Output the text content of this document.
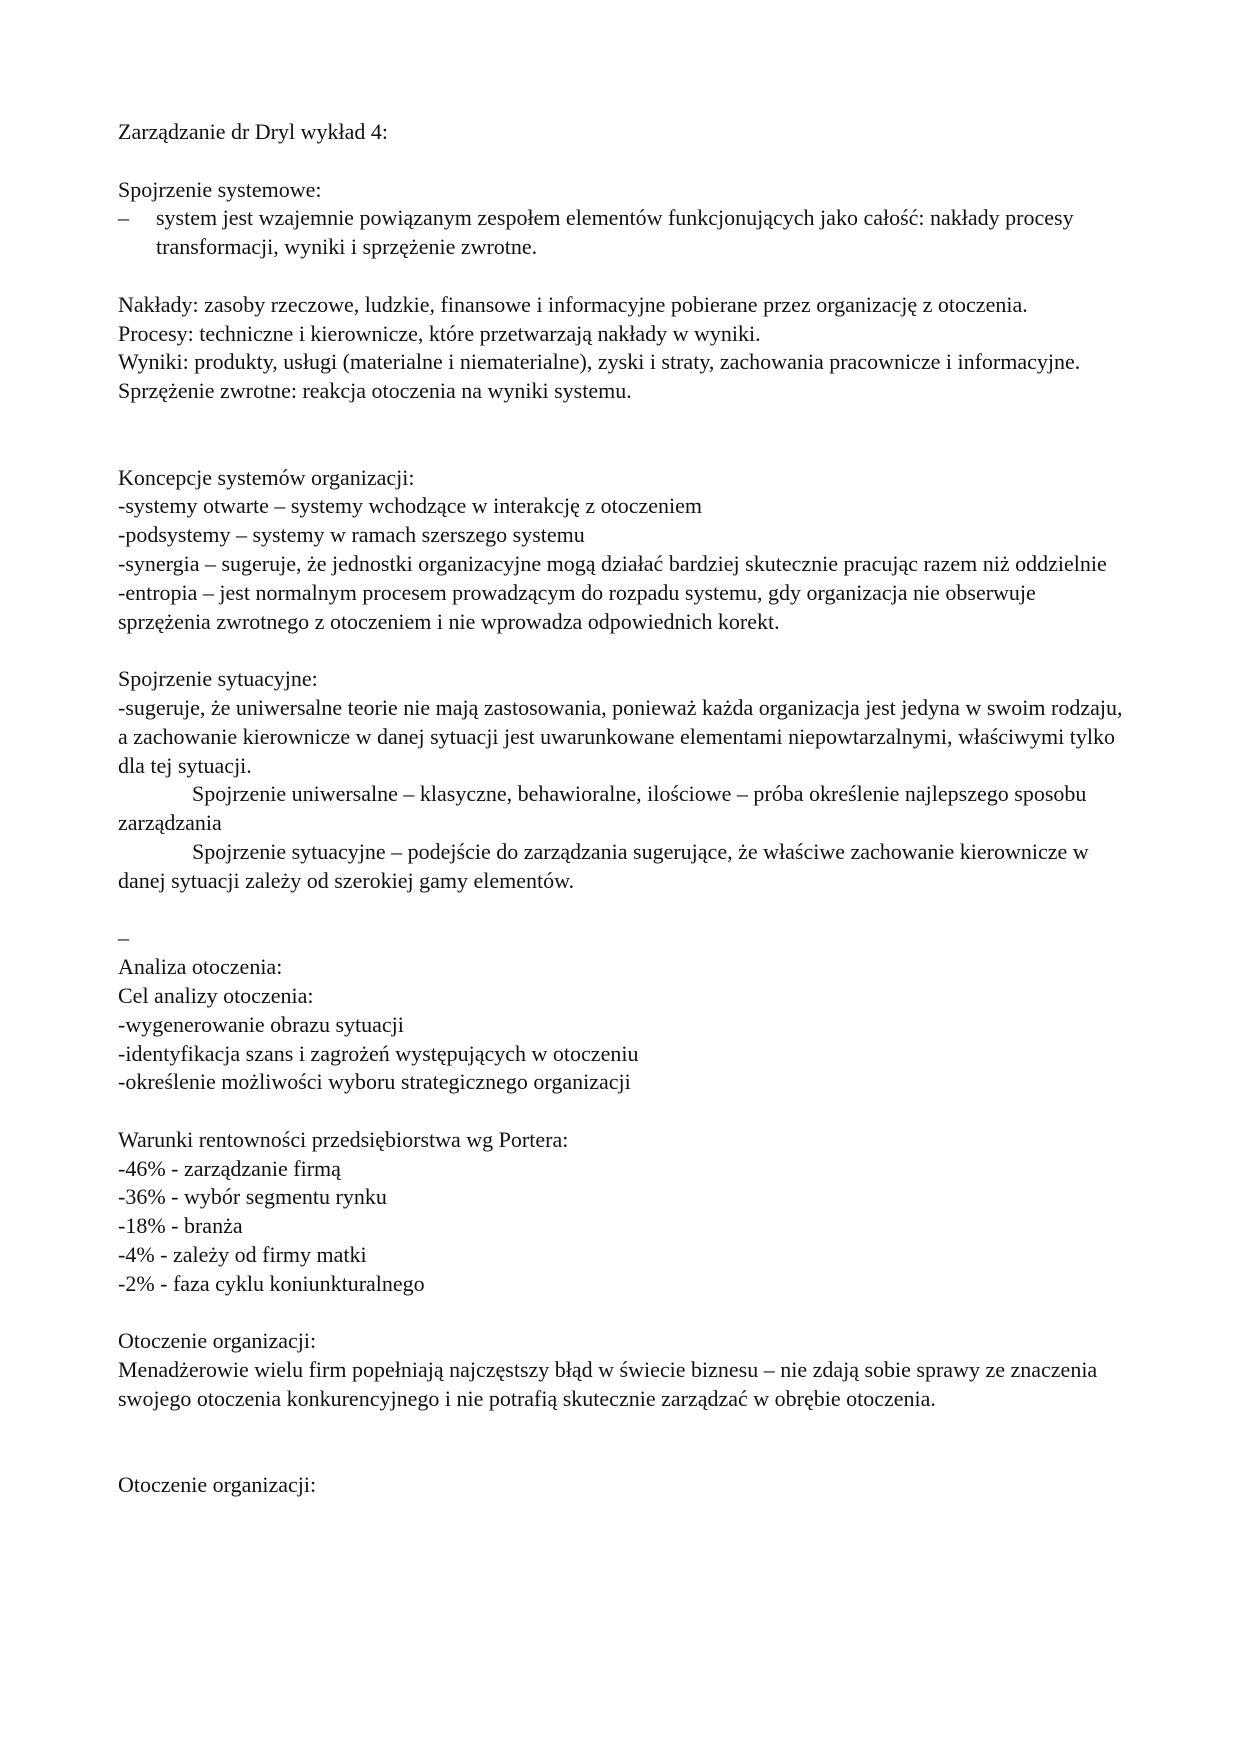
Zarządzanie dr Dryl wykład 4:

Spojrzenie systemowe:

– system jest wzajemnie powiązanym zespołem elementów funkcjonujących jako całość: nakłady procesy transformacji, wyniki i sprzężenie zwrotne.

Nakłady: zasoby rzeczowe, ludzkie, finansowe i informacyjne pobierane przez organizację z otoczenia.

Procesy: techniczne i kierownicze, które przetwarzają nakłady w wyniki.

Wyniki: produkty, usługi (materialne i niematerialne), zyski i straty, zachowania pracownicze i informacyjne.

Sprzężenie zwrotne: reakcja otoczenia na wyniki systemu.

Koncepcje systemów organizacji:

-systemy otwarte – systemy wchodzące w interakcję z otoczeniem

-podsystemy – systemy w ramach szerszego systemu

-synergia – sugeruje, że jednostki organizacyjne mogą działać bardziej skutecznie pracując razem niż oddzielnie

-entropia – jest normalnym procesem prowadzącym do rozpadu systemu, gdy organizacja nie obserwuje sprzężenia zwrotnego z otoczeniem i nie wprowadza odpowiednich korekt.

Spojrzenie sytuacyjne:

-sugeruje, że uniwersalne teorie nie mają zastosowania, ponieważ każda organizacja jest jedyna w swoim rodzaju, a zachowanie kierownicze w danej sytuacji jest uwarunkowane elementami niepowtarzalnymi, właściwymi tylko dla tej sytuacji.

Spojrzenie uniwersalne – klasyczne, behawioralne, ilościowe – próba określenie najlepszego sposobu zarządzania

Spojrzenie sytuacyjne – podejście do zarządzania sugerujące, że właściwe zachowanie kierownicze w danej sytuacji zależy od szerokiej gamy elementów.

–

Analiza otoczenia:

Cel analizy otoczenia:

-wygenerowanie obrazu sytuacji

-identyfikacja szans i zagrożeń występujących w otoczeniu

-określenie możliwości wyboru strategicznego organizacji

Warunki rentowności przedsiębiorstwa wg Portera:

-46% - zarządzanie firmą

-36% - wybór segmentu rynku

-18% - branża

-4% - zależy od firmy matki

-2% - faza cyklu koniunkturalnego

Otoczenie organizacji:

Menadżerowie wielu firm popełniają najczęstszy błąd w świecie biznesu – nie zdają sobie sprawy ze znaczenia swojego otoczenia konkurencyjnego i nie potrafią skutecznie zarządzać w obrębie otoczenia.

Otoczenie organizacji:
